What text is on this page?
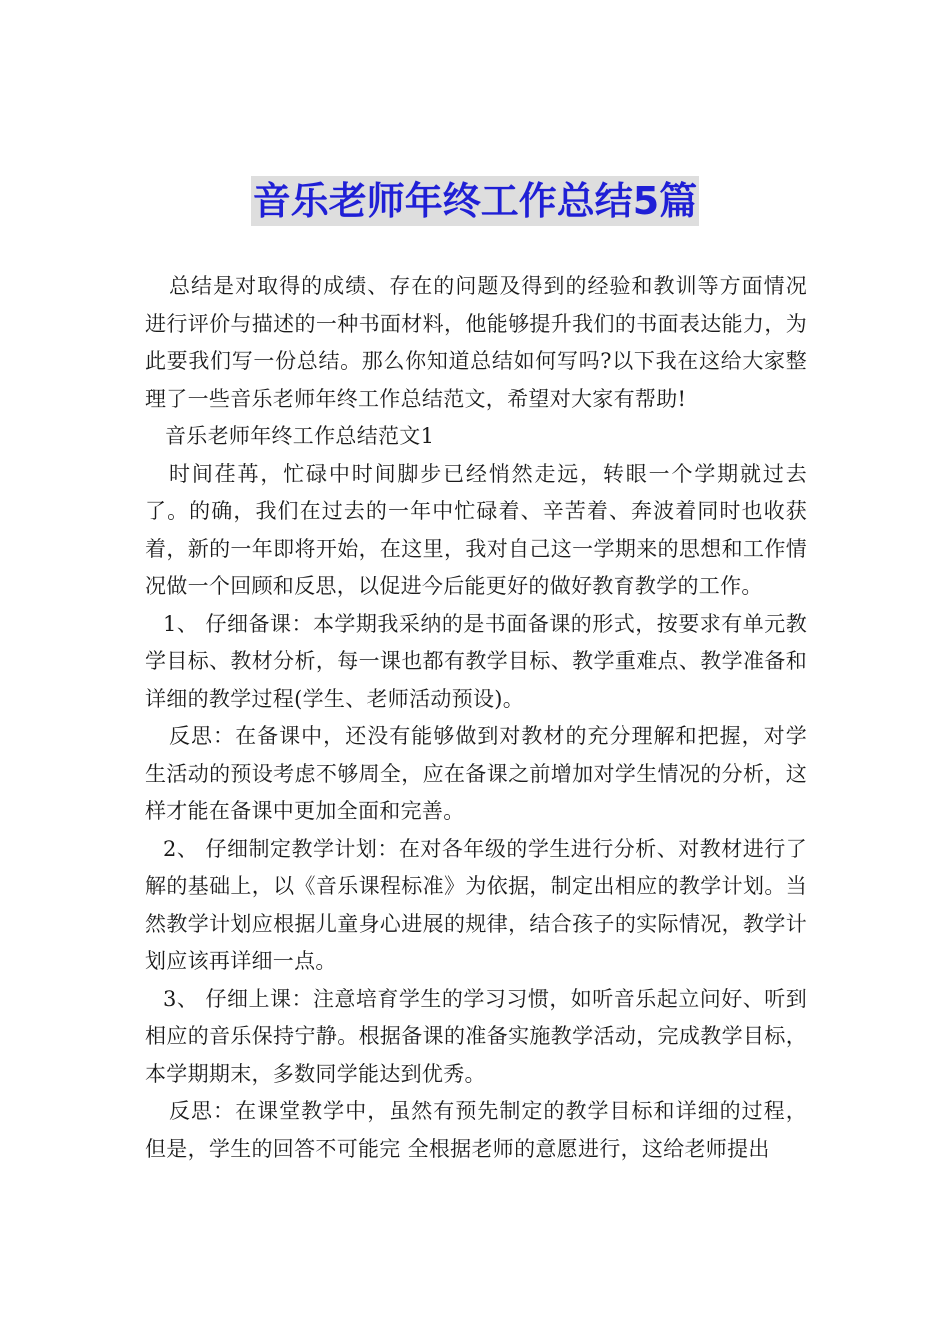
音乐老师年终工作总结5篇

总结是对取得的成绩、存在的问题及得到的经验和教训等方面情况进行评价与描述的一种书面材料，他能够提升我们的书面表达能力，为此要我们写一份总结。那么你知道总结如何写吗?以下我在这给大家整理了一些音乐老师年终工作总结范文，希望对大家有帮助!

音乐老师年终工作总结范文1

时间荏苒，忙碌中时间脚步已经悄然走远，转眼一个学期就过去了。的确，我们在过去的一年中忙碌着、辛苦着、奔波着同时也收获着，新的一年即将开始，在这里，我对自己这一学期来的思想和工作情况做一个回顾和反思，以促进今后能更好的做好教育教学的工作。

1、 仔细备课：本学期我采纳的是书面备课的形式，按要求有单元教学目标、教材分析，每一课也都有教学目标、教学重难点、教学准备和详细的教学过程(学生、老师活动预设)。

反思：在备课中，还没有能够做到对教材的充分理解和把握，对学生活动的预设考虑不够周全，应在备课之前增加对学生情况的分析，这样才能在备课中更加全面和完善。

2、 仔细制定教学计划：在对各年级的学生进行分析、对教材进行了解的基础上，以《音乐课程标准》为依据，制定出相应的教学计划。当然教学计划应根据儿童身心进展的规律，结合孩子的实际情况，教学计划应该再详细一点。

3、 仔细上课：注意培育学生的学习习惯，如听音乐起立问好、听到相应的音乐保持宁静。根据备课的准备实施教学活动，完成教学目标，本学期期末，多数同学能达到优秀。

反思：在课堂教学中，虽然有预先制定的教学目标和详细的过程，但是，学生的回答不可能完 全根据老师的意愿进行，这给老师提出
